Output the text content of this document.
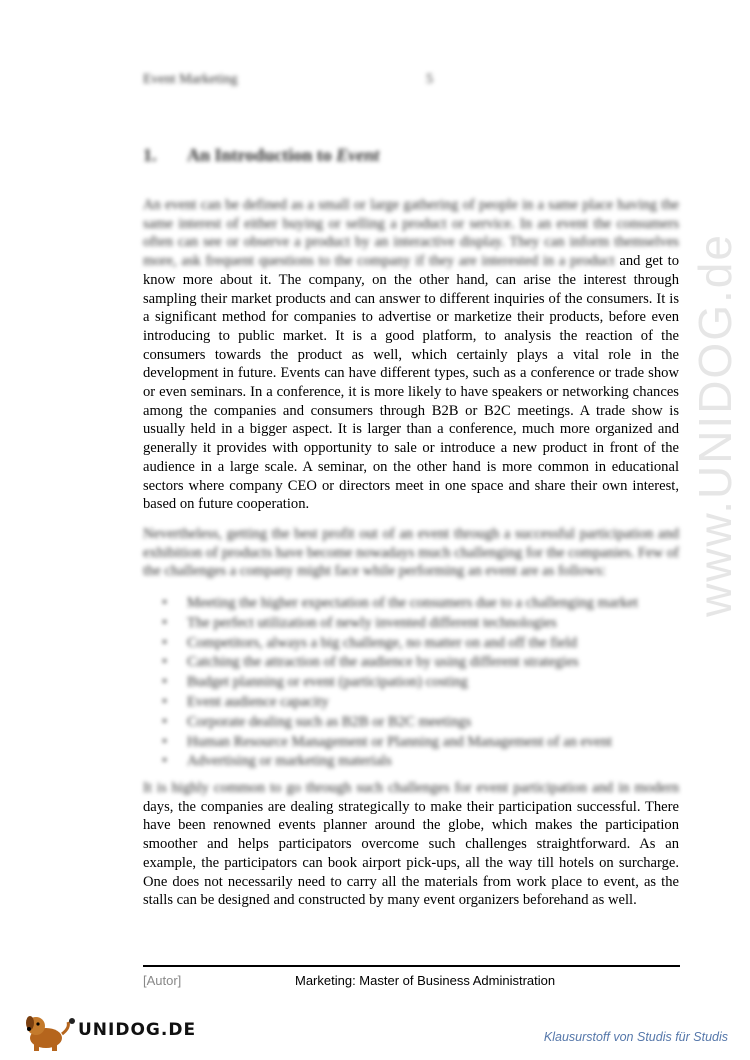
www.UNIDOG.de
Event Marketing	5
1. An Introduction to Event

An event can be defined as a small or large gathering of people in a same place having the same interest of either buying or selling a product or service. In an event the consumers often can see or observe a product by an interactive display. They can inform themselves more, ask frequent questions to the company if they are interested in a product and get to know more about it. The company, on the other hand, can arise the interest through sampling their market products and can answer to different inquiries of the consumers. It is a significant method for companies to advertise or marketize their products, before even introducing to public market. It is a good platform, to analysis the reaction of the consumers towards the product as well, which certainly plays a vital role in the development in future. Events can have different types, such as a conference or trade show or even seminars. In a conference, it is more likely to have speakers or networking chances among the companies and consumers through B2B or B2C meetings. A trade show is usually held in a bigger aspect. It is larger than a conference, much more organized and generally it provides with opportunity to sale or introduce a new product in front of the audience in a large scale. A seminar, on the other hand is more common in educational sectors where company CEO or directors meet in one space and share their own interest, based on future cooperation.

Nevertheless, getting the best profit out of an event through a successful participation and exhibition of products have become nowadays much challenging for the companies. Few of the challenges a company might face while performing an event are as follows:

• Meeting the higher expectation of the consumers due to a challenging market
• The perfect utilization of newly invented different technologies
• Competitors, always a big challenge, no matter on and off the field
• Catching the attraction of the audience by using different strategies
• Budget planning or event (participation) costing
• Event audience capacity
• Corporate dealing such as B2B or B2C meetings
• Human Resource Management or Planning and Management of an event
• Advertising or marketing materials

It is highly common to go through such challenges for event participation and in modern days, the companies are dealing strategically to make their participation successful. There have been renowned events planner around the globe, which makes the participation smoother and helps participators overcome such challenges straightforward. As an example, the participators can book airport pick-ups, all the way till hotels on surcharge. One does not necessarily need to carry all the materials from work place to event, as the stalls can be designed and constructed by many event organizers beforehand as well.

[Autor]	Marketing: Master of Business Administration
UNIDOG.DE	Klausurstoff von Studis für Studis
